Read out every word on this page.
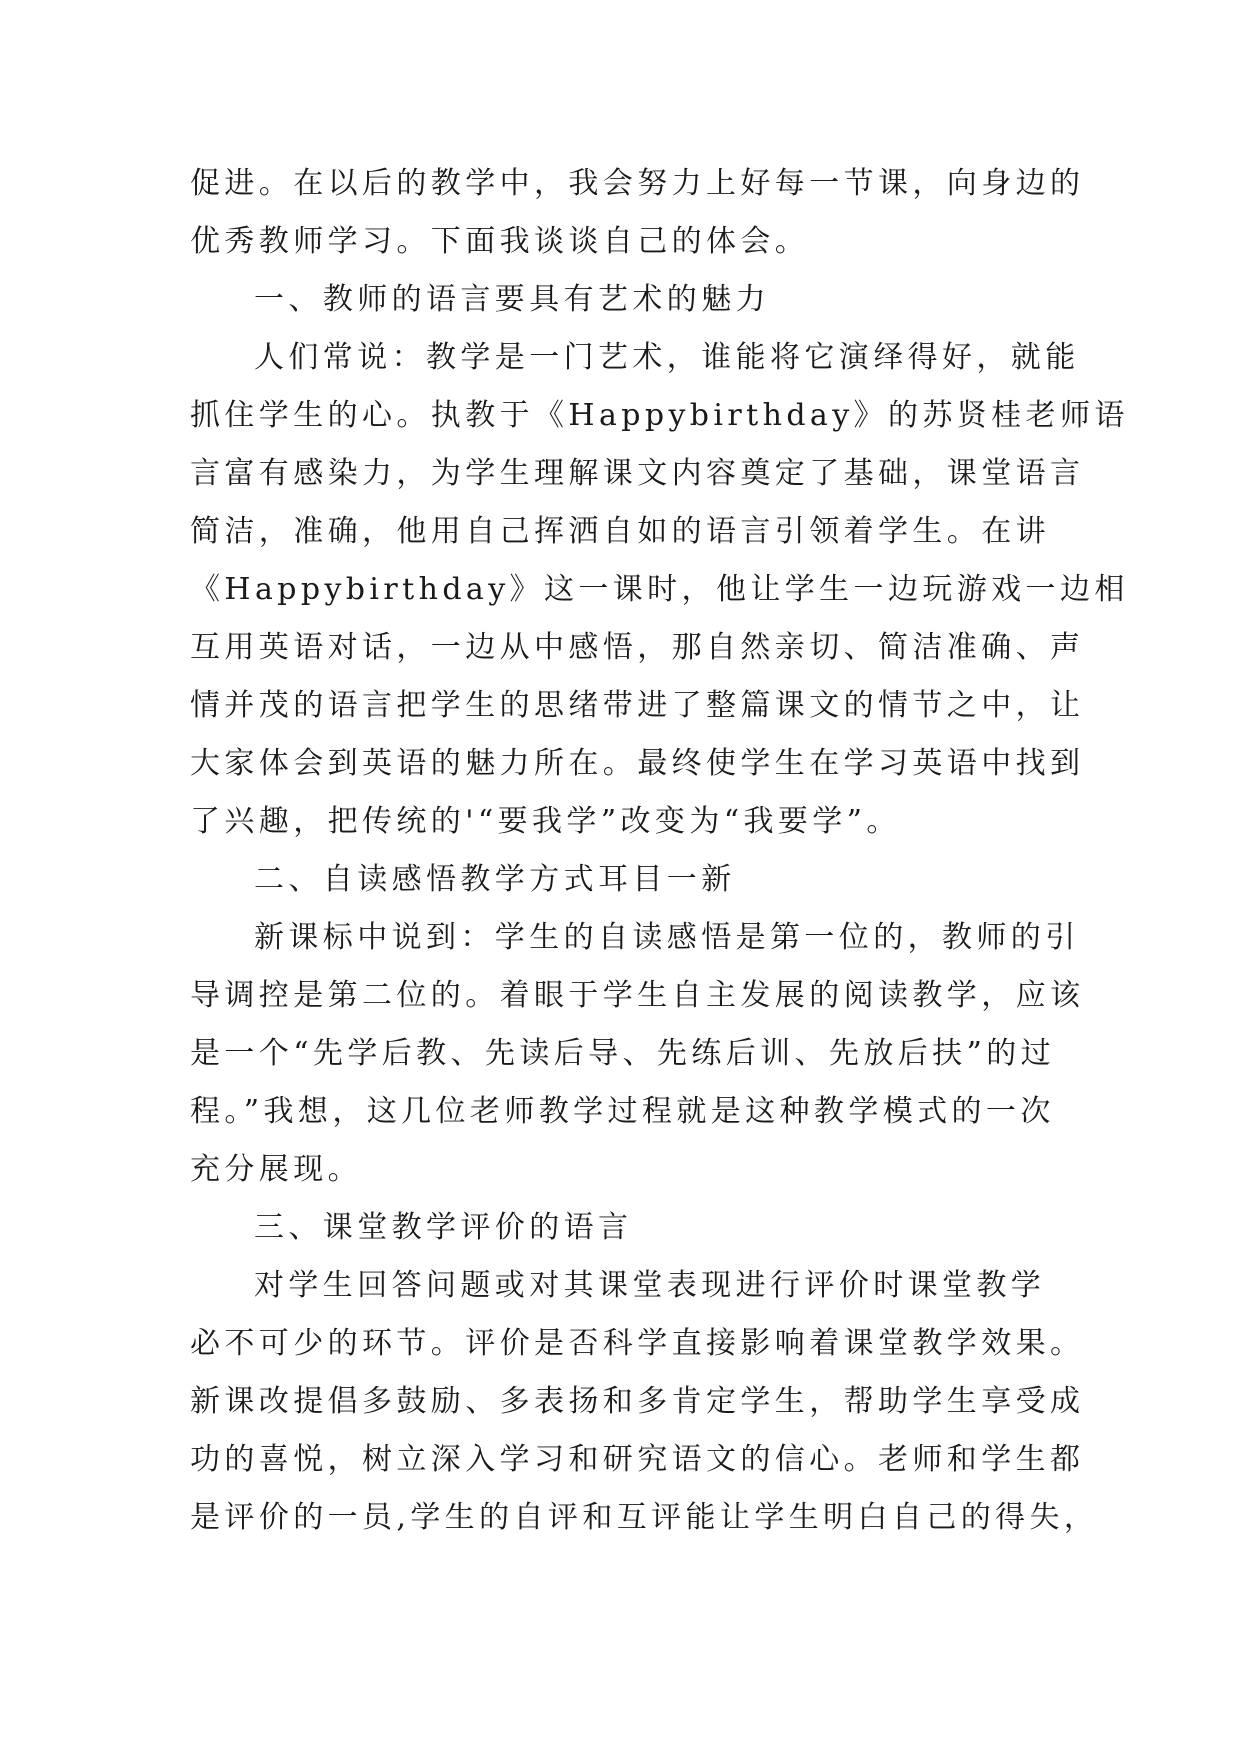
促进。在以后的教学中，我会努力上好每一节课，向身边的
优秀教师学习。下面我谈谈自己的体会。
一、教师的语言要具有艺术的魅力
人们常说：教学是一门艺术，谁能将它演绎得好，就能
抓住学生的心。执教于《Happybirthday》的苏贤桂老师语
言富有感染力，为学生理解课文内容奠定了基础，课堂语言
简洁，准确，他用自己挥洒自如的语言引领着学生。在讲
《Happybirthday》这一课时，他让学生一边玩游戏一边相
互用英语对话，一边从中感悟，那自然亲切、简洁准确、声
情并茂的语言把学生的思绪带进了整篇课文的情节之中，让
大家体会到英语的魅力所在。最终使学生在学习英语中找到
了兴趣，把传统的'“要我学”改变为“我要学”。
二、自读感悟教学方式耳目一新
新课标中说到：学生的自读感悟是第一位的，教师的引
导调控是第二位的。着眼于学生自主发展的阅读教学，应该
是一个“先学后教、先读后导、先练后训、先放后扶”的过
程。”我想，这几位老师教学过程就是这种教学模式的一次
充分展现。
三、课堂教学评价的语言
对学生回答问题或对其课堂表现进行评价时课堂教学
必不可少的环节。评价是否科学直接影响着课堂教学效果。
新课改提倡多鼓励、多表扬和多肯定学生，帮助学生享受成
功的喜悦，树立深入学习和研究语文的信心。老师和学生都
是评价的一员,学生的自评和互评能让学生明白自己的得失，
